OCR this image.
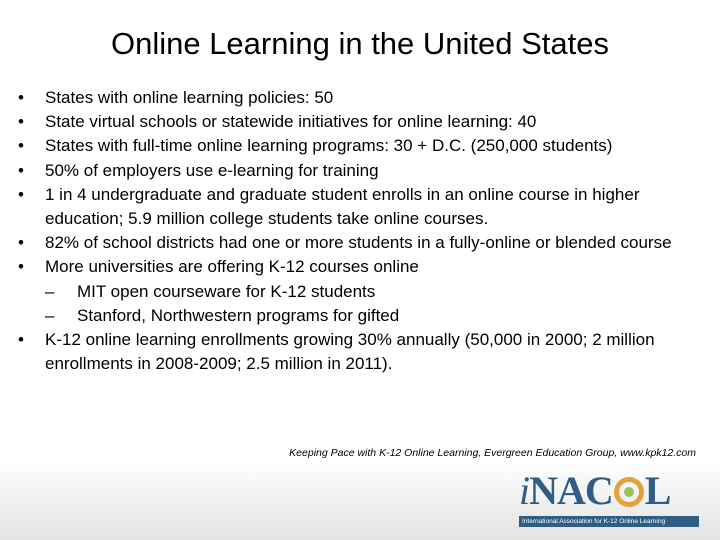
Online Learning in the United States
•	States with online learning policies: 50
•	State virtual schools or statewide initiatives for online learning: 40
•	States with full-time online learning programs: 30 + D.C. (250,000 students)
•	50% of employers use e-learning for training
•	1 in 4 undergraduate and graduate student enrolls in an online course in higher education; 5.9 million college students take online courses.
•	82% of school districts had one or more students in a fully-online or blended course
•	More universities are offering K-12 courses online
– MIT open courseware for K-12 students
– Stanford, Northwestern programs for gifted
•	K-12 online learning enrollments growing 30% annually (50,000 in 2000; 2 million enrollments in 2008-2009; 2.5 million in 2011).
Keeping Pace with K-12 Online Learning, Evergreen Education Group, www.kpk12.com
iNAC L
International Association for K-12 Online Learning
